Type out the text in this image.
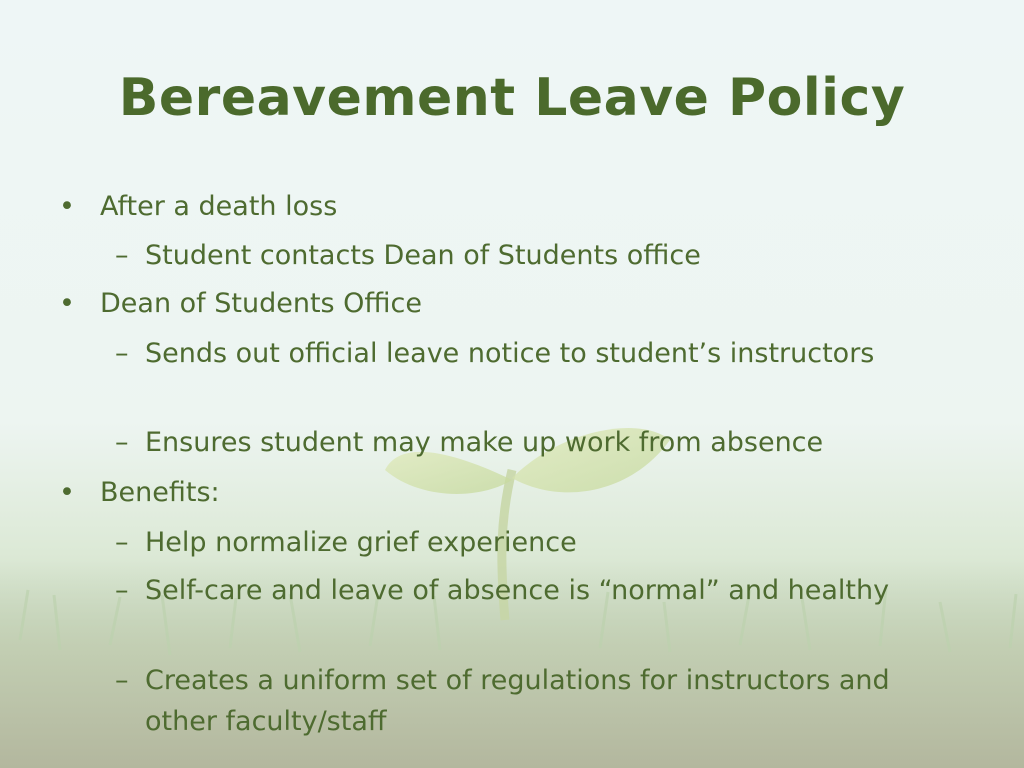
Bereavement Leave Policy
• After a death loss
– Student contacts Dean of Students office
• Dean of Students Office
– Sends out official leave notice to student’s instructors
– Ensures student may make up work from absence
• Benefits:
– Help normalize grief experience
– Self-care and leave of absence is “normal” and healthy
– Creates a uniform set of regulations for instructors and other faculty/staff
